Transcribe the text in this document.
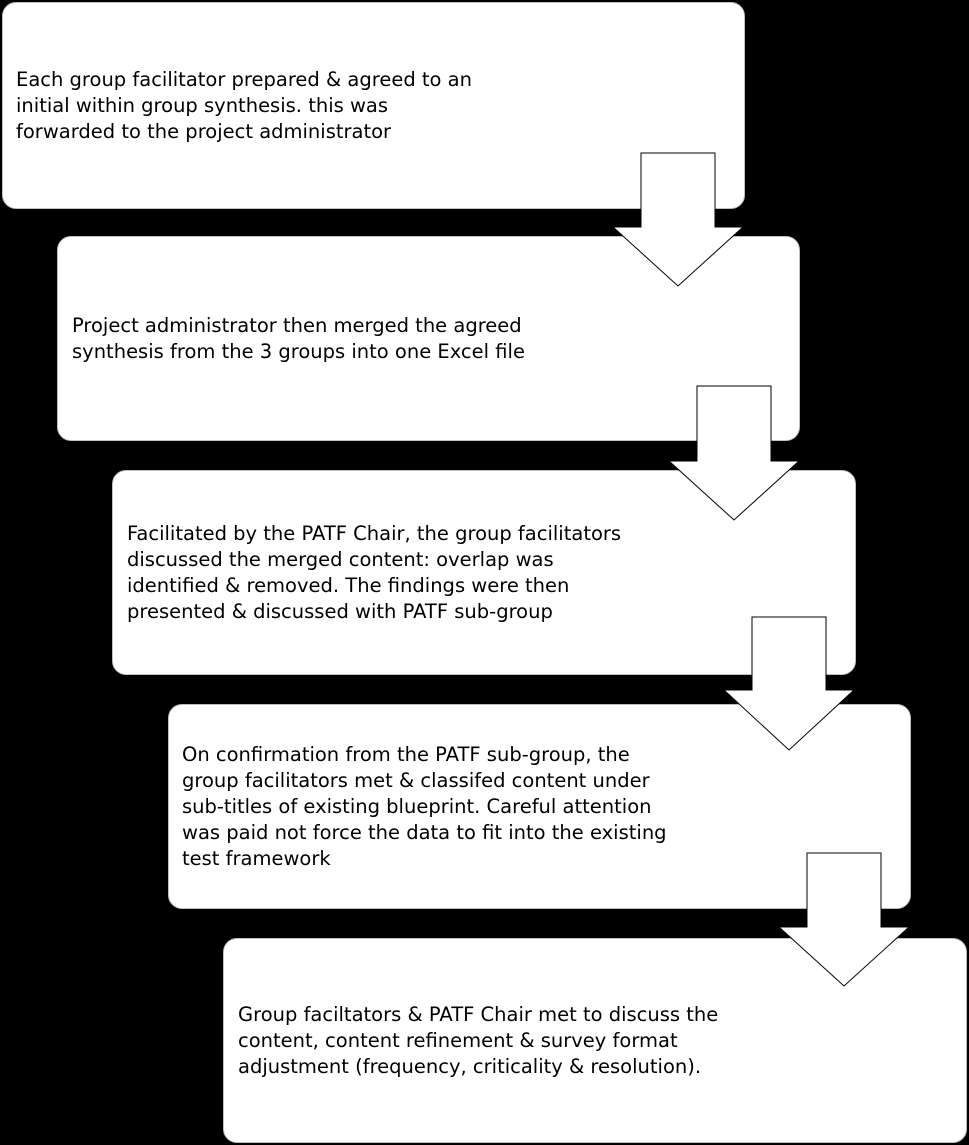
Each group facilitator prepared & agreed to an
initial within group synthesis. this was
forwarded to the project administrator
Project administrator then merged the agreed
synthesis from the 3 groups into one Excel file
Facilitated by the PATF Chair, the group facilitators
discussed the merged content: overlap was
identified & removed. The findings were then
presented & discussed with PATF sub-group
On confirmation from the PATF sub-group, the
group facilitators met & classifed content under
sub-titles of existing blueprint. Careful attention
was paid not force the data to fit into the existing
test framework
Group faciltators & PATF Chair met to discuss the
content, content refinement & survey format
adjustment (frequency, criticality & resolution).
